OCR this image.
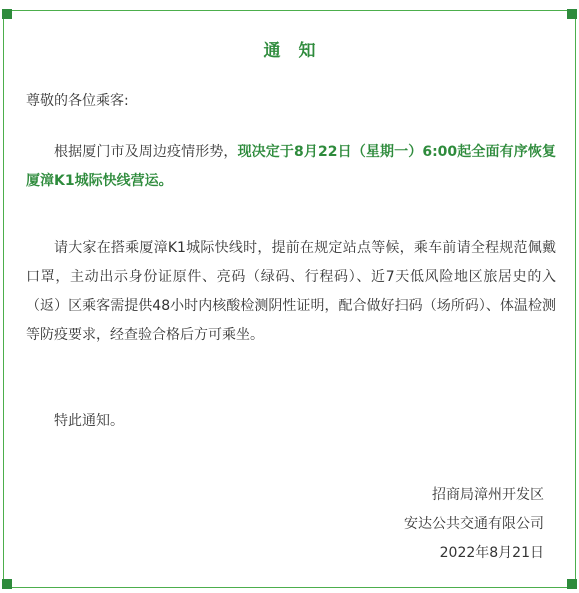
通 知
尊敬的各位乘客:

根据厦门市及周边疫情形势，现决定于8月22日（星期一）6:00起全面有序恢复厦漳K1城际快线营运。

请大家在搭乘厦漳K1城际快线时，提前在规定站点等候，乘车前请全程规范佩戴口罩，主动出示身份证原件、亮码（绿码、行程码）、近7天低风险地区旅居史的入（返）区乘客需提供48小时内核酸检测阴性证明，配合做好扫码（场所码）、体温检测等防疫要求，经查验合格后方可乘坐。

特此通知。
招商局漳州开发区
安达公共交通有限公司
2022年8月21日
